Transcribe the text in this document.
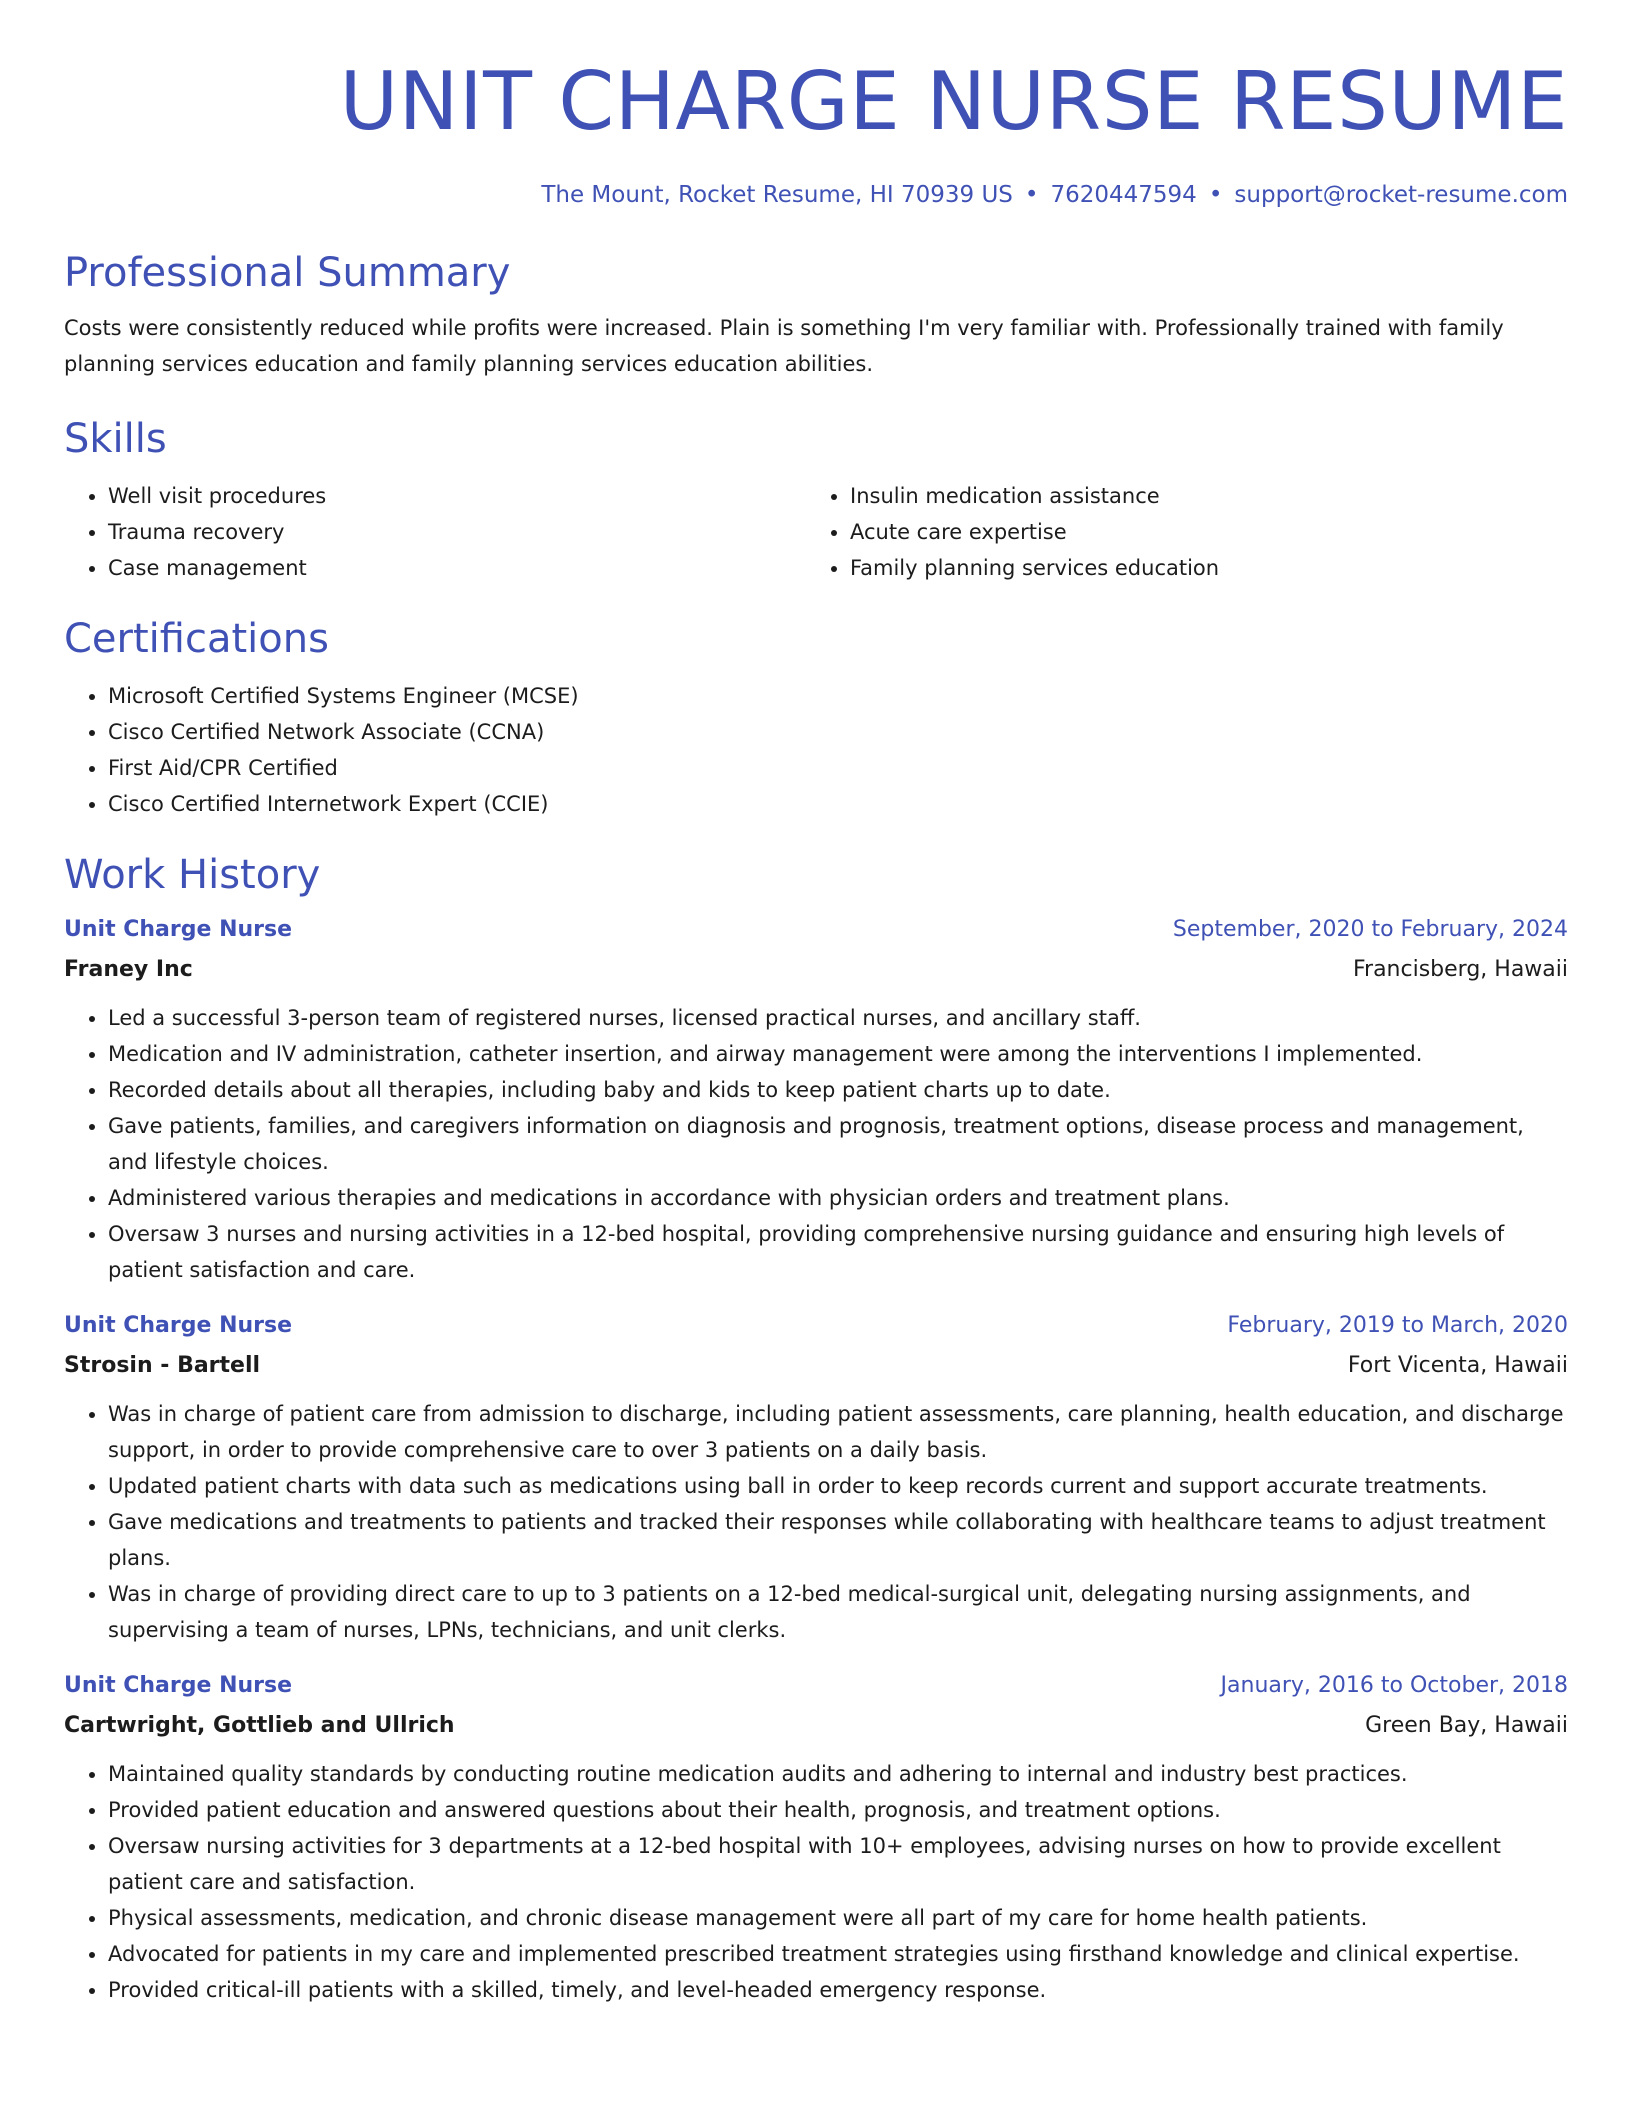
UNIT CHARGE NURSE RESUME
The Mount, Rocket Resume, HI 70939 US • 7620447594 • support@rocket-resume.com
Professional Summary

Costs were consistently reduced while profits were increased. Plain is something I'm very familiar with. Professionally trained with family planning services education and family planning services education abilities.

Skills
• Well visit procedures
• Trauma recovery
• Case management
• Insulin medication assistance
• Acute care expertise
• Family planning services education
Certifications
• Microsoft Certified Systems Engineer (MCSE)
• Cisco Certified Network Associate (CCNA)
• First Aid/CPR Certified
• Cisco Certified Internetwork Expert (CCIE)
Work History
Unit Charge Nurse	September, 2020 to February, 2024
Franey Inc	Francisberg, Hawaii
• Led a successful 3-person team of registered nurses, licensed practical nurses, and ancillary staff.
• Medication and IV administration, catheter insertion, and airway management were among the interventions I implemented.
• Recorded details about all therapies, including baby and kids to keep patient charts up to date.
• Gave patients, families, and caregivers information on diagnosis and prognosis, treatment options, disease process and management, and lifestyle choices.
• Administered various therapies and medications in accordance with physician orders and treatment plans.
• Oversaw 3 nurses and nursing activities in a 12-bed hospital, providing comprehensive nursing guidance and ensuring high levels of patient satisfaction and care.
Unit Charge Nurse	February, 2019 to March, 2020
Strosin - Bartell	Fort Vicenta, Hawaii
• Was in charge of patient care from admission to discharge, including patient assessments, care planning, health education, and discharge support, in order to provide comprehensive care to over 3 patients on a daily basis.
• Updated patient charts with data such as medications using ball in order to keep records current and support accurate treatments.
• Gave medications and treatments to patients and tracked their responses while collaborating with healthcare teams to adjust treatment plans.
• Was in charge of providing direct care to up to 3 patients on a 12-bed medical-surgical unit, delegating nursing assignments, and supervising a team of nurses, LPNs, technicians, and unit clerks.
Unit Charge Nurse	January, 2016 to October, 2018
Cartwright, Gottlieb and Ullrich	Green Bay, Hawaii
• Maintained quality standards by conducting routine medication audits and adhering to internal and industry best practices.
• Provided patient education and answered questions about their health, prognosis, and treatment options.
• Oversaw nursing activities for 3 departments at a 12-bed hospital with 10+ employees, advising nurses on how to provide excellent patient care and satisfaction.
• Physical assessments, medication, and chronic disease management were all part of my care for home health patients.
• Advocated for patients in my care and implemented prescribed treatment strategies using firsthand knowledge and clinical expertise.
• Provided critical-ill patients with a skilled, timely, and level-headed emergency response.
